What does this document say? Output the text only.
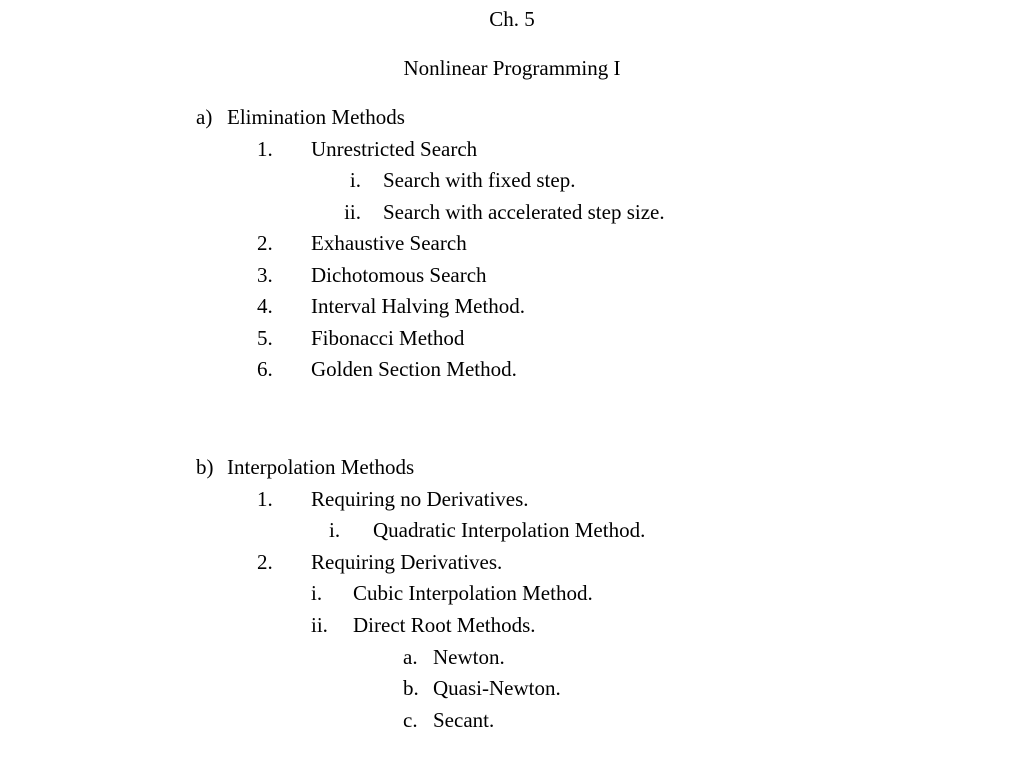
Ch. 5
Nonlinear Programming I
a) Elimination Methods
1. Unrestricted Search
i. Search with fixed step.
ii. Search with accelerated step size.
2. Exhaustive Search
3. Dichotomous Search
4. Interval Halving Method.
5. Fibonacci Method
6. Golden Section Method.
b) Interpolation Methods
1. Requiring no Derivatives.
i. Quadratic Interpolation Method.
2. Requiring Derivatives.
i. Cubic Interpolation Method.
ii. Direct Root Methods.
a. Newton.
b. Quasi-Newton.
c. Secant.
